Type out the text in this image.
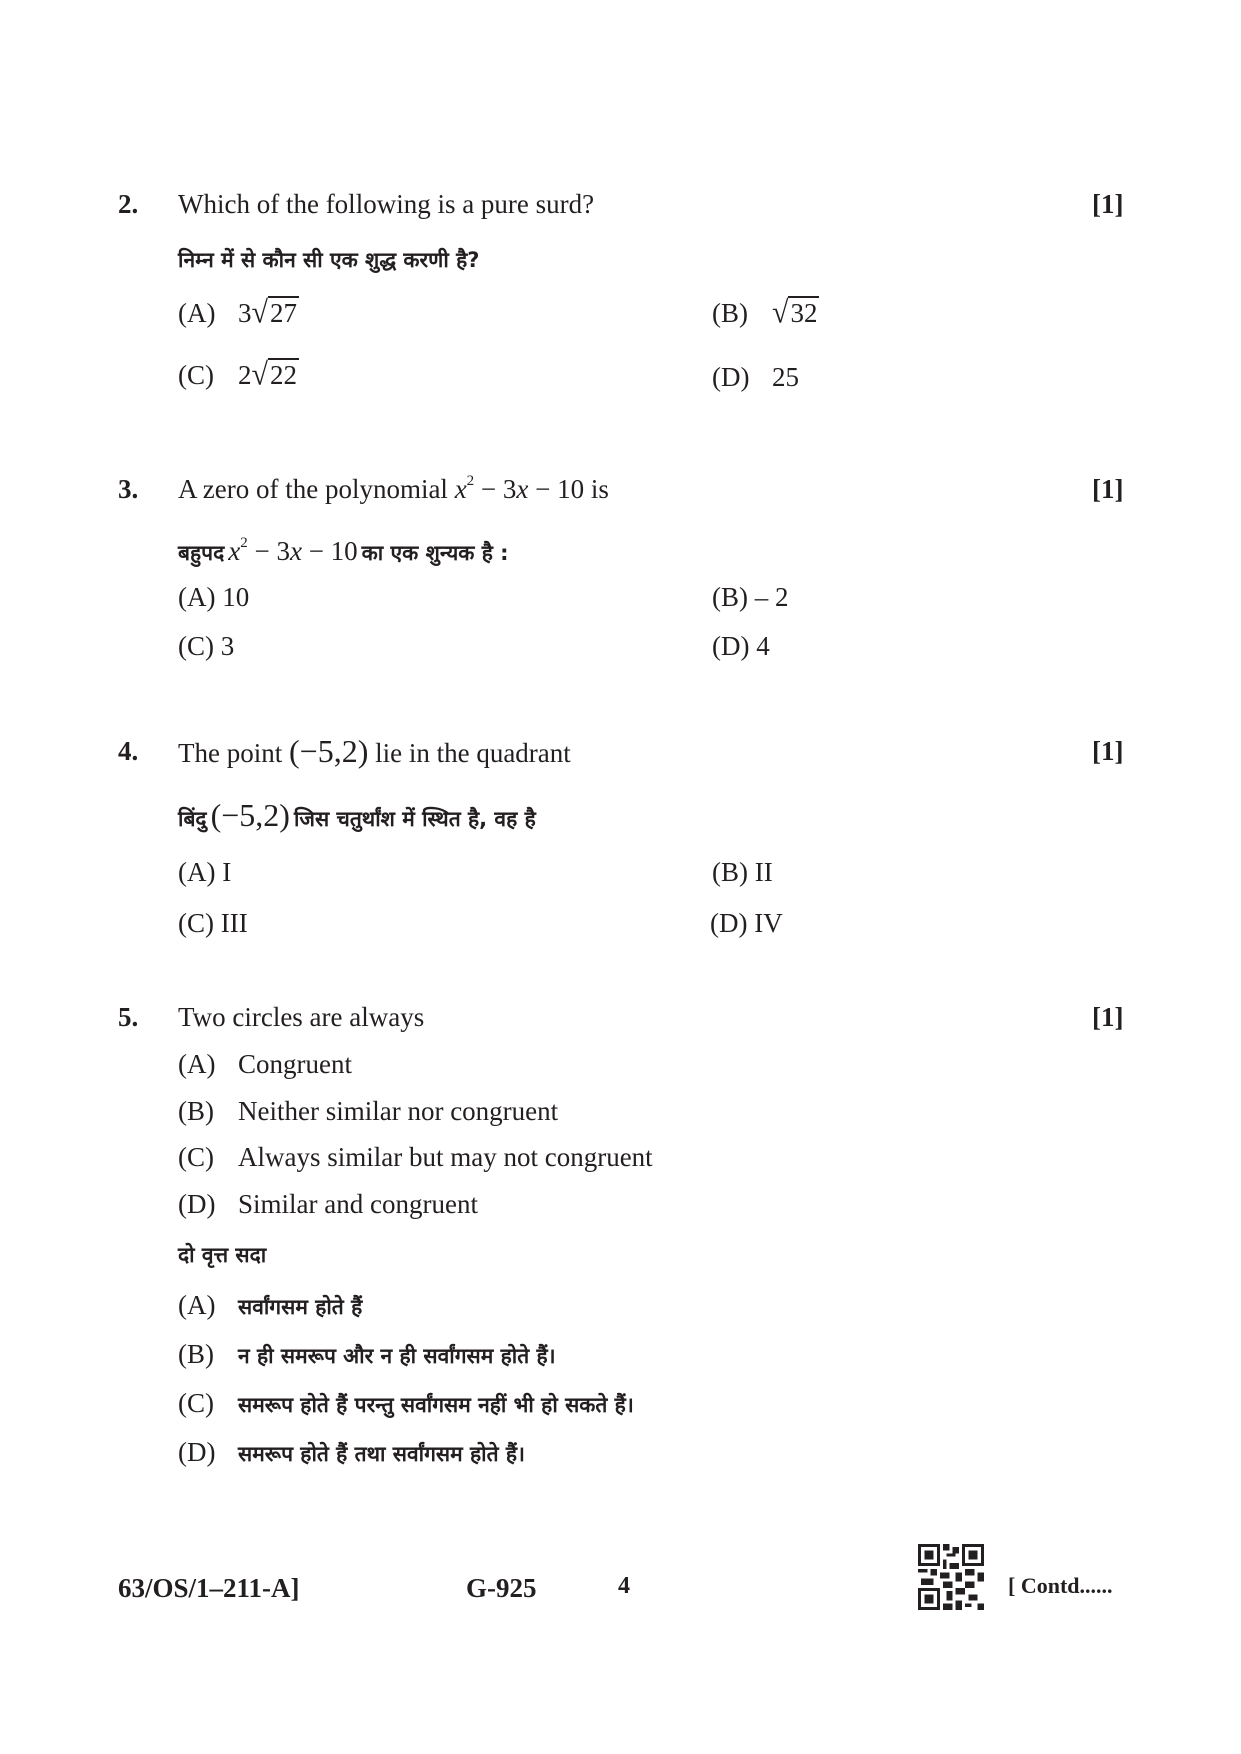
2. Which of the following is a pure surd?	[1]
निम्न में से कौन सी एक शुद्ध करणी है?
(A) 3√27	(B) √32
(C) 2√22	(D) 25
3. A zero of the polynomial $x^2 - 3x - 10$ is	[1]
बहुपद $x^2 - 3x - 10$ का एक शुन्यक है :
(A) 10	(B) – 2
(C) 3	(D) 4
4. The point (−5,2) lie in the quadrant	[1]
बिंदु (−5,2) जिस चतुर्थांश में स्थित है, वह है
(A) I	(B) II
(C) III	(D) IV
5. Two circles are always	[1]
(A) Congruent
(B) Neither similar nor congruent
(C) Always similar but may not congruent
(D) Similar and congruent
दो वृत्त सदा
(A) सर्वांगसम होते हैं
(B) न ही समरूप और न ही सर्वांगसम होते हैं।
(C) समरूप होते हैं परन्तु सर्वांगसम नहीं भी हो सकते हैं।
(D) समरूप होते हैं तथा सर्वांगसम होते हैं।
63/OS/1–211-A]	G-925	4	[ Contd......
